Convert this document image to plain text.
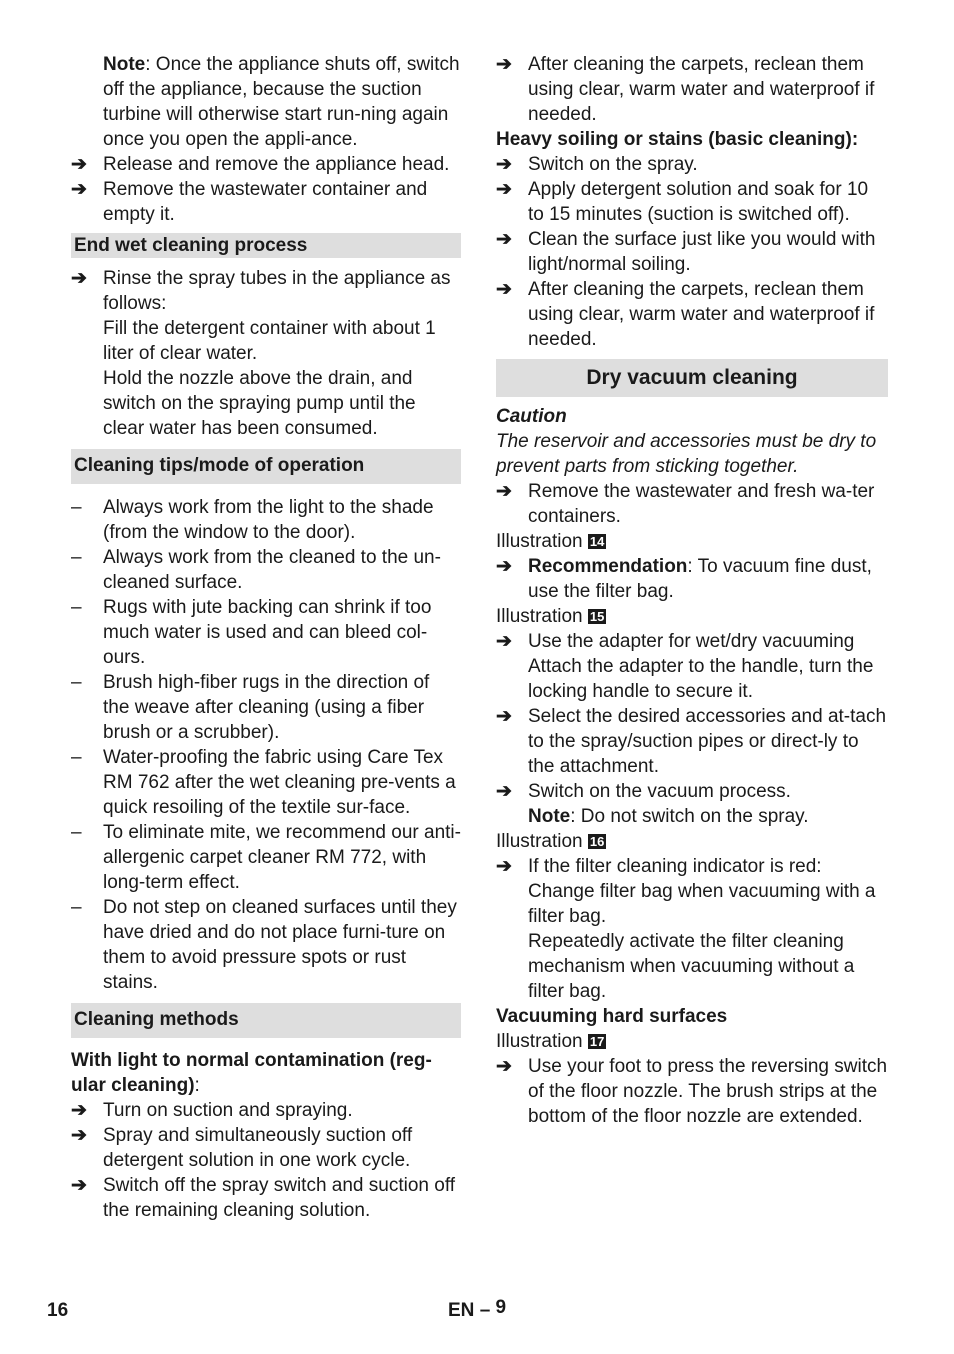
Note: Once the appliance shuts off, switch off the appliance, because the suction turbine will otherwise start run-ning again once you open the appli-ance.

➔ Release and remove the appliance head.
➔ Remove the wastewater container and empty it.
End wet cleaning process
➔ Rinse the spray tubes in the appliance as follows:

Fill the detergent container with about 1 liter of clear water.

Hold the nozzle above the drain, and switch on the spraying pump until the clear water has been consumed.

Cleaning tips/mode of operation
–	Always work from the light to the shade (from the window to the door).
–	Always work from the cleaned to the un-cleaned surface.
–	Rugs with jute backing can shrink if too much water is used and can bleed col-ours.
–	Brush high-fiber rugs in the direction of the weave after cleaning (using a fiber brush or a scrubber).
–	Water-proofing the fabric using Care Tex RM 762 after the wet cleaning pre-vents a quick resoiling of the textile sur-face.
–	To eliminate mite, we recommend our anti-allergenic carpet cleaner RM 772, with long-term effect.
–	Do not step on cleaned surfaces until they have dried and do not place furni-ture on them to avoid pressure spots or rust stains.
Cleaning methods

With light to normal contamination (reg-ular cleaning):

➔ Turn on suction and spraying.
➔ Spray and simultaneously suction off detergent solution in one work cycle.
➔ Switch off the spray switch and suction off the remaining cleaning solution.
➔ After cleaning the carpets, reclean them using clear, warm water and waterproof if needed.

Heavy soiling or stains (basic cleaning):

➔ Switch on the spray.
➔ Apply detergent solution and soak for 10 to 15 minutes (suction is switched off).
➔ Clean the surface just like you would with light/normal soiling.
➔ After cleaning the carpets, reclean them using clear, warm water and waterproof if needed.
Dry vacuum cleaning

Caution

The reservoir and accessories must be dry to prevent parts from sticking together.

➔ Remove the wastewater and fresh wa-ter containers.

Illustration 14

➔ Recommendation: To vacuum fine dust, use the filter bag.

Illustration 15

➔ Use the adapter for wet/dry vacuuming Attach the adapter to the handle, turn the locking handle to secure it.
➔ Select the desired accessories and at-tach to the spray/suction pipes or direct-ly to the attachment.
➔ Switch on the vacuum process.

Note: Do not switch on the spray.

Illustration 16

➔ If the filter cleaning indicator is red: Change filter bag when vacuuming with a filter bag.

Repeatedly activate the filter cleaning mechanism when vacuuming without a filter bag.

Vacuuming hard surfaces

Illustration 17

➔ Use your foot to press the reversing switch of the floor nozzle. The brush strips at the bottom of the floor nozzle are extended.
16	EN – 9
